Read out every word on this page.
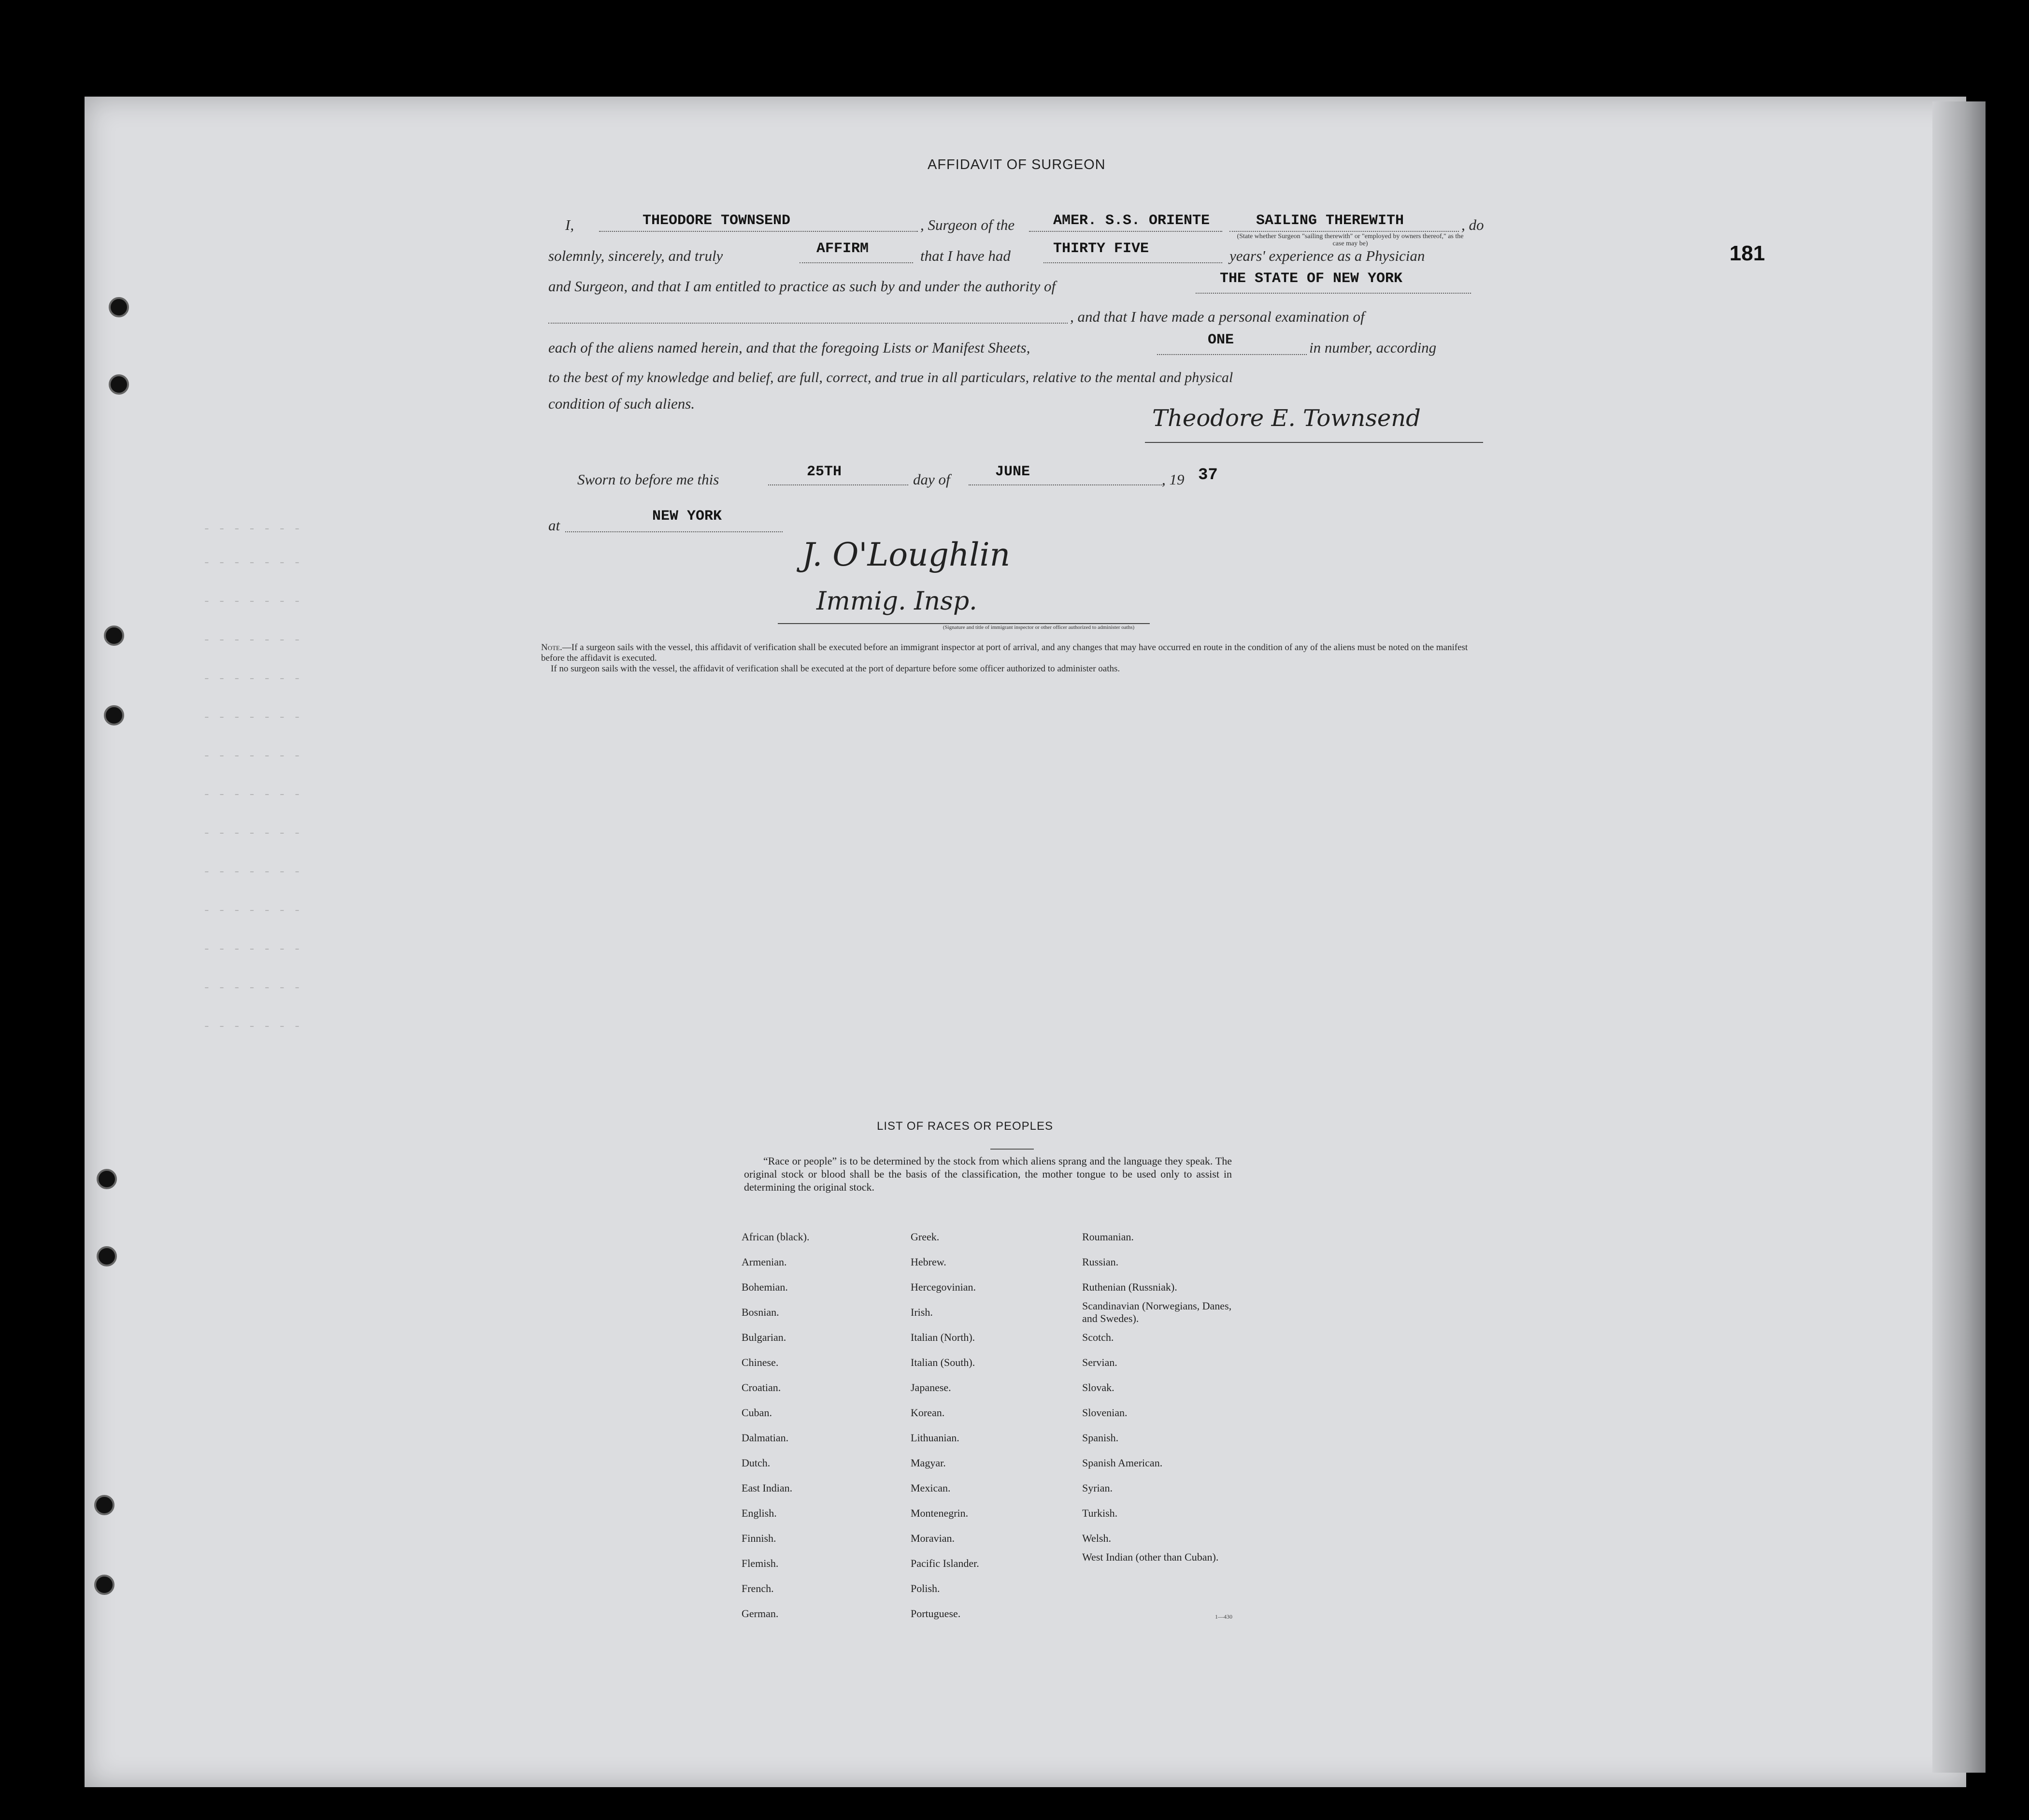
181
- - - - - - -
- - - - - - -
- - - - - - -
- - - - - - -
- - - - - - -
- - - - - - -
- - - - - - -
- - - - - - -
- - - - - - -
- - - - - - -
- - - - - - -
- - - - - - -
- - - - - - -
- - - - - - -
AFFIDAVIT OF SURGEON
I,	THEODORE TOWNSEND	, Surgeon of the	AMER. S.S. ORIENTE	SAILING THEREWITH	, do
(State whether Surgeon "sailing therewith" or "employed by owners thereof," as the case may be)
solemnly, sincerely, and truly	AFFIRM	that I have had	THIRTY FIVE	years' experience as a Physician
and Surgeon, and that I am entitled to practice as such by and under the authority of	THE STATE OF NEW YORK
, and that I have made a personal examination of
each of the aliens named herein, and that the foregoing Lists or Manifest Sheets,	ONE	in number, according
to the best of my knowledge and belief, are full, correct, and true in all particulars, relative to the mental and physical
condition of such aliens.
Theodore E. Townsend
Sworn to before me this	25TH	day of	JUNE	, 19 37
at
NEW YORK
J. O'Loughlin
Immig. Insp.
(Signature and title of immigrant inspector or other officer authorized to administer oaths)
Note.—If a surgeon sails with the vessel, this affidavit of verification shall be executed before an immigrant inspector at port of arrival, and any changes that may have occurred en route in the condition of any of the aliens must be noted on the manifest before the affidavit is executed.
If no surgeon sails with the vessel, the affidavit of verification shall be executed at the port of departure before some officer authorized to administer oaths.
LIST OF RACES OR PEOPLES
“Race or people” is to be determined by the stock from which aliens sprang and the language they speak. The original stock or blood shall be the basis of the classification, the mother tongue to be used only to assist in determining the original stock.
African (black).
Armenian.
Bohemian.
Bosnian.
Bulgarian.
Chinese.
Croatian.
Cuban.
Dalmatian.
Dutch.
East Indian.
English.
Finnish.
Flemish.
French.
German.
Greek.
Hebrew.
Hercegovinian.
Irish.
Italian (North).
Italian (South).
Japanese.
Korean.
Lithuanian.
Magyar.
Mexican.
Montenegrin.
Moravian.
Pacific Islander.
Polish.
Portuguese.
Roumanian.
Russian.
Ruthenian (Russniak).
Scandinavian (Norwegians, Danes, and Swedes).
Scotch.
Servian.
Slovak.
Slovenian.
Spanish.
Spanish American.
Syrian.
Turkish.
Welsh.
West Indian (other than Cuban).
1—430
